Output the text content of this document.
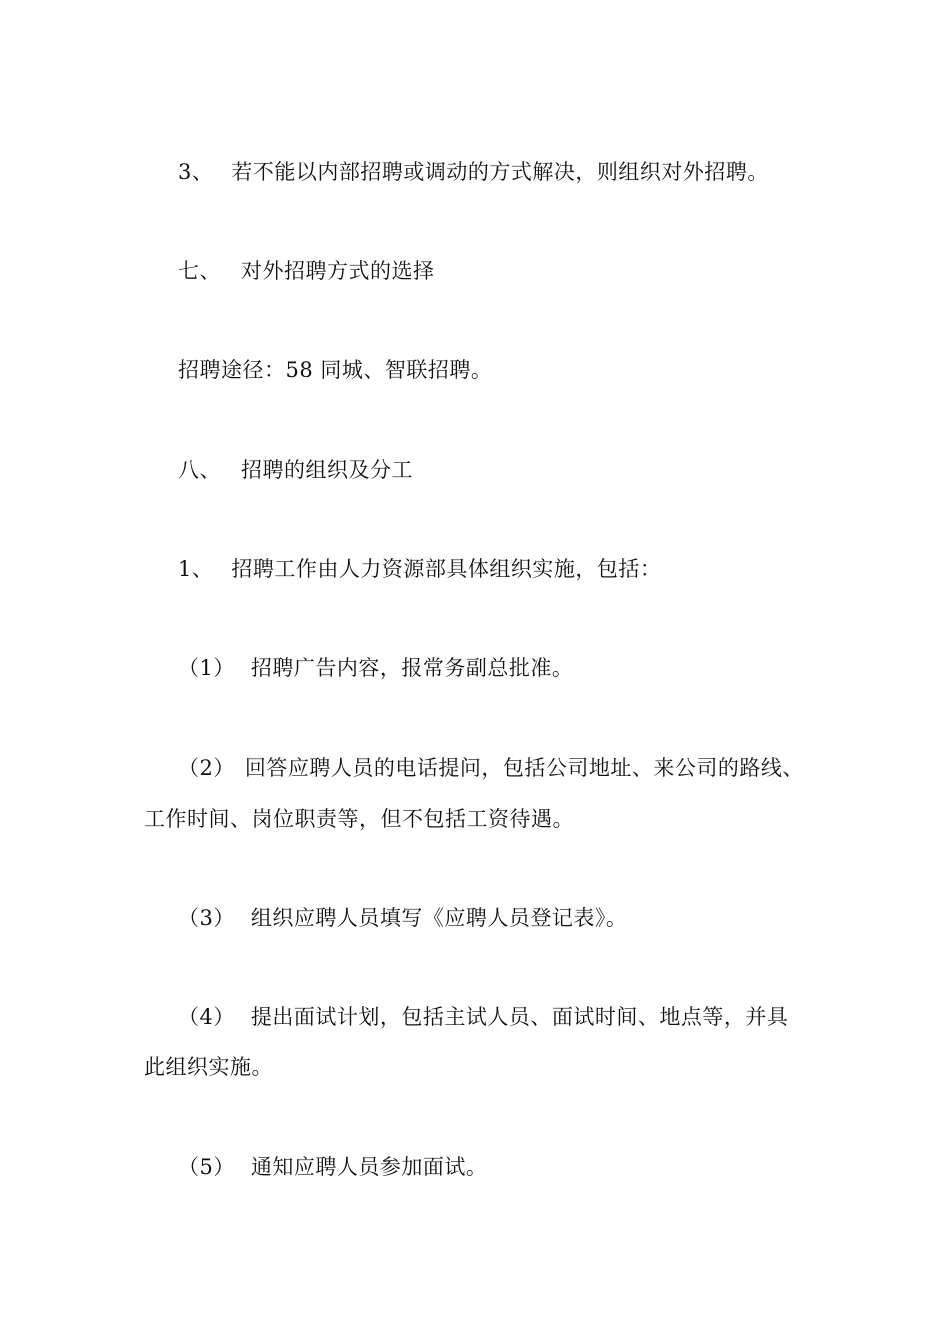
3、 若不能以内部招聘或调动的方式解决，则组织对外招聘。
七、 对外招聘方式的选择
招聘途径：58 同城、智联招聘。
八、 招聘的组织及分工
1、 招聘工作由人力资源部具体组织实施，包括：
（1） 招聘广告内容，报常务副总批准。
（2） 回答应聘人员的电话提问，包括公司地址、来公司的路线、
工作时间、岗位职责等，但不包括工资待遇。
（3） 组织应聘人员填写《应聘人员登记表》。
（4） 提出面试计划，包括主试人员、面试时间、地点等，并具
此组织实施。
（5） 通知应聘人员参加面试。
